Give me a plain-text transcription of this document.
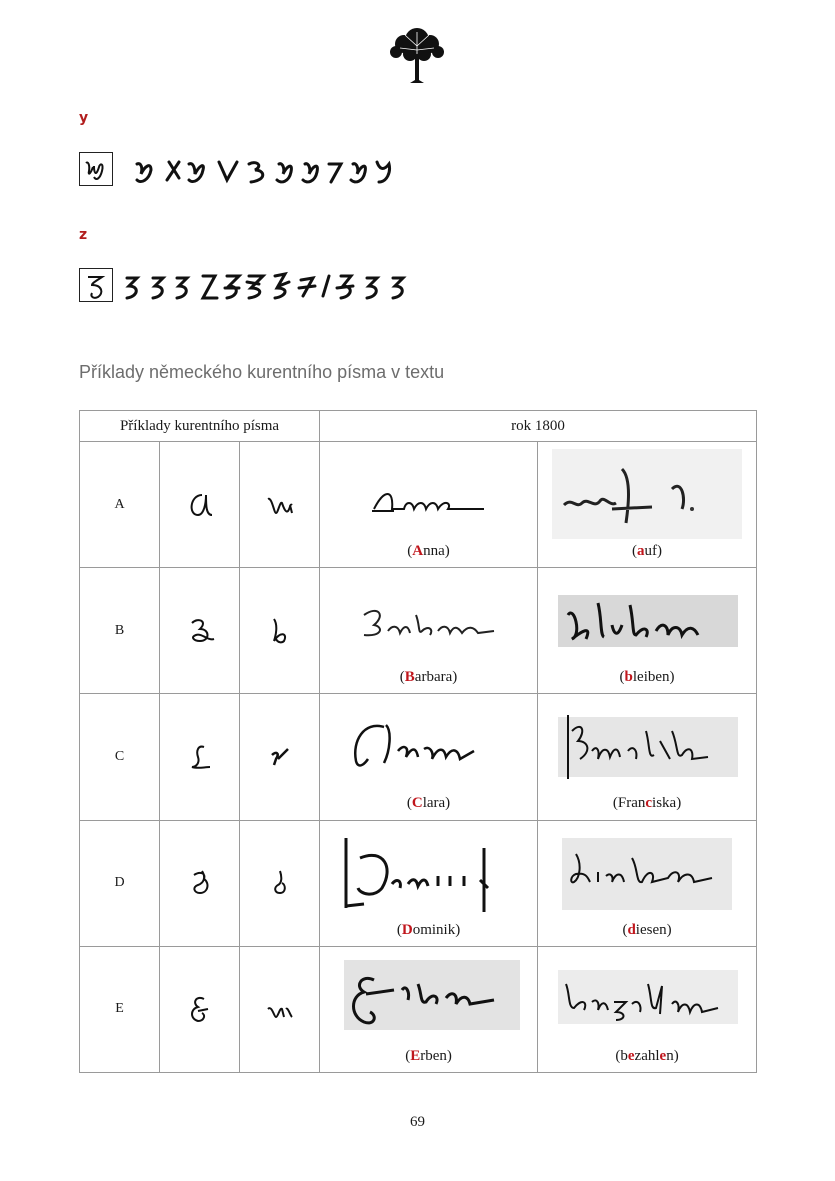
y
z
Příklady německého kurentního písma v textu
Příklady kurentního písma			rok 1800	
A			(Anna)	(auf)

B			(Barbara)	(bleiben)

C			(Clara)	(Franciska)

D			(Dominik)	(diesen)

E			(Erben)	(bezahlen)
69
